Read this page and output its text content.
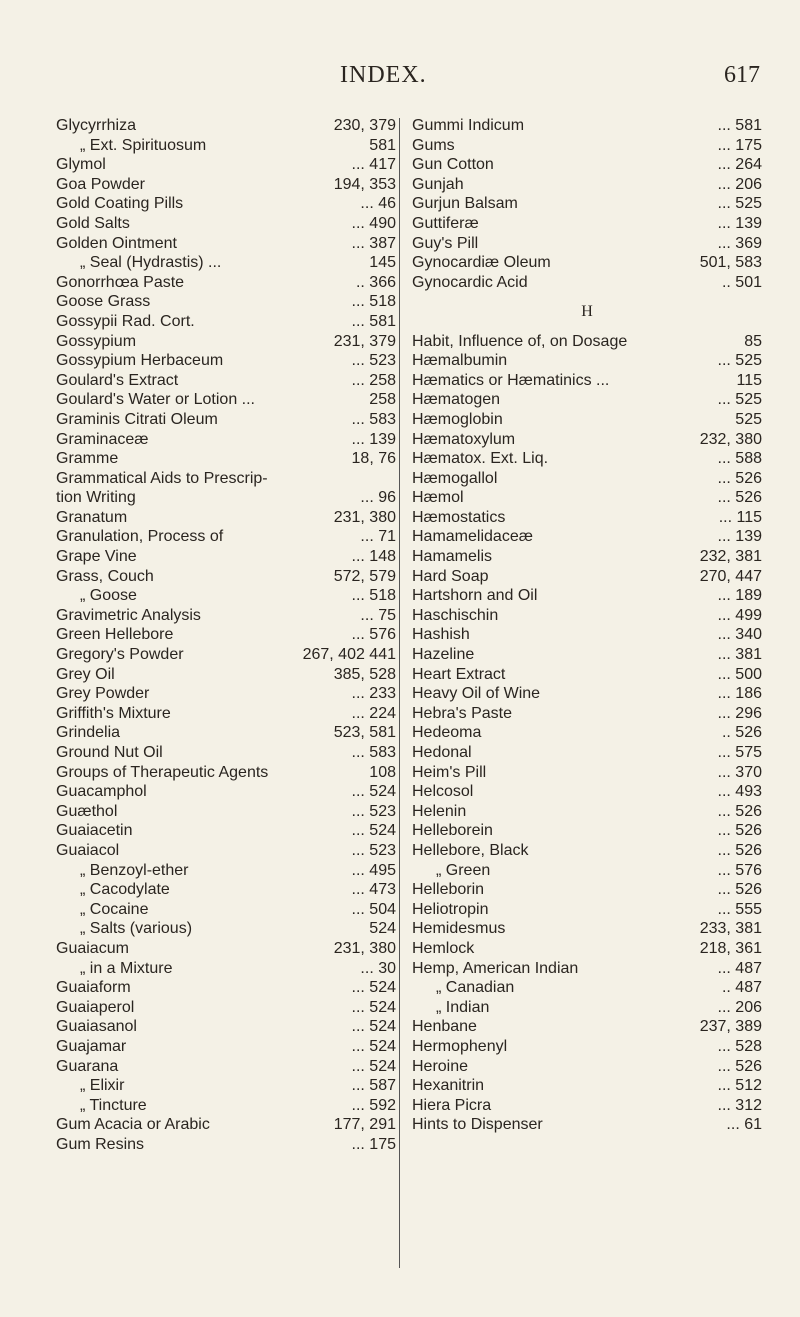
INDEX.	617
Glycyrrhiza	230, 379
„ Ext. Spirituosum	581
Glymol	... 417
Goa Powder	194, 353
Gold Coating Pills	... 46
Gold Salts	... 490
Golden Ointment	... 387
„ Seal (Hydrastis) ...	145
Gonorrhœa Paste	.. 366
Goose Grass	... 518
Gossypii Rad. Cort.	... 581
Gossypium	231, 379
Gossypium Herbaceum	... 523
Goulard's Extract	... 258
Goulard's Water or Lotion ...	258
Graminis Citrati Oleum	... 583
Graminaceæ	... 139
Gramme	18, 76
Grammatical Aids to Prescrip-
tion Writing	... 96
Granatum	231, 380
Granulation, Process of	... 71
Grape Vine	... 148
Grass, Couch	572, 579
„ Goose	... 518
Gravimetric Analysis	... 75
Green Hellebore	... 576
Gregory's Powder	267, 402 441
Grey Oil	385, 528
Grey Powder	... 233
Griffith's Mixture	... 224
Grindelia	523, 581
Ground Nut Oil	... 583
Groups of Therapeutic Agents	108
Guacamphol	... 524
Guæthol	... 523
Guaiacetin	... 524
Guaiacol	... 523
„ Benzoyl-ether	... 495
„ Cacodylate	... 473
„ Cocaine	... 504
„ Salts (various)	524
Guaiacum	231, 380
„ in a Mixture	... 30
Guaiaform	... 524
Guaiaperol	... 524
Guaiasanol	... 524
Guajamar	... 524
Guarana	... 524
„ Elixir	... 587
„ Tincture	... 592
Gum Acacia or Arabic	177, 291
Gum Resins	... 175
Gummi Indicum	... 581
Gums	... 175
Gun Cotton	... 264
Gunjah	... 206
Gurjun Balsam	... 525
Guttiferæ	... 139
Guy's Pill	... 369
Gynocardiæ Oleum	501, 583
Gynocardic Acid	.. 501
H
Habit, Influence of, on Dosage	85
Hæmalbumin	... 525
Hæmatics or Hæmatinics ...	115
Hæmatogen	... 525
Hæmoglobin	525
Hæmatoxylum	232, 380
Hæmatox. Ext. Liq.	... 588
Hæmogallol	... 526
Hæmol	... 526
Hæmostatics	... 115
Hamamelidaceæ	... 139
Hamamelis	232, 381
Hard Soap	270, 447
Hartshorn and Oil	... 189
Haschischin	... 499
Hashish	... 340
Hazeline	... 381
Heart Extract	... 500
Heavy Oil of Wine	... 186
Hebra's Paste	... 296
Hedeoma	.. 526
Hedonal	... 575
Heim's Pill	... 370
Helcosol	... 493
Helenin	... 526
Helleborein	... 526
Hellebore, Black	... 526
„ Green	... 576
Helleborin	... 526
Heliotropin	... 555
Hemidesmus	233, 381
Hemlock	218, 361
Hemp, American Indian	... 487
„ Canadian	.. 487
„ Indian	... 206
Henbane	237, 389
Hermophenyl	... 528
Heroine	... 526
Hexanitrin	... 512
Hiera Picra	... 312
Hints to Dispenser	... 61
